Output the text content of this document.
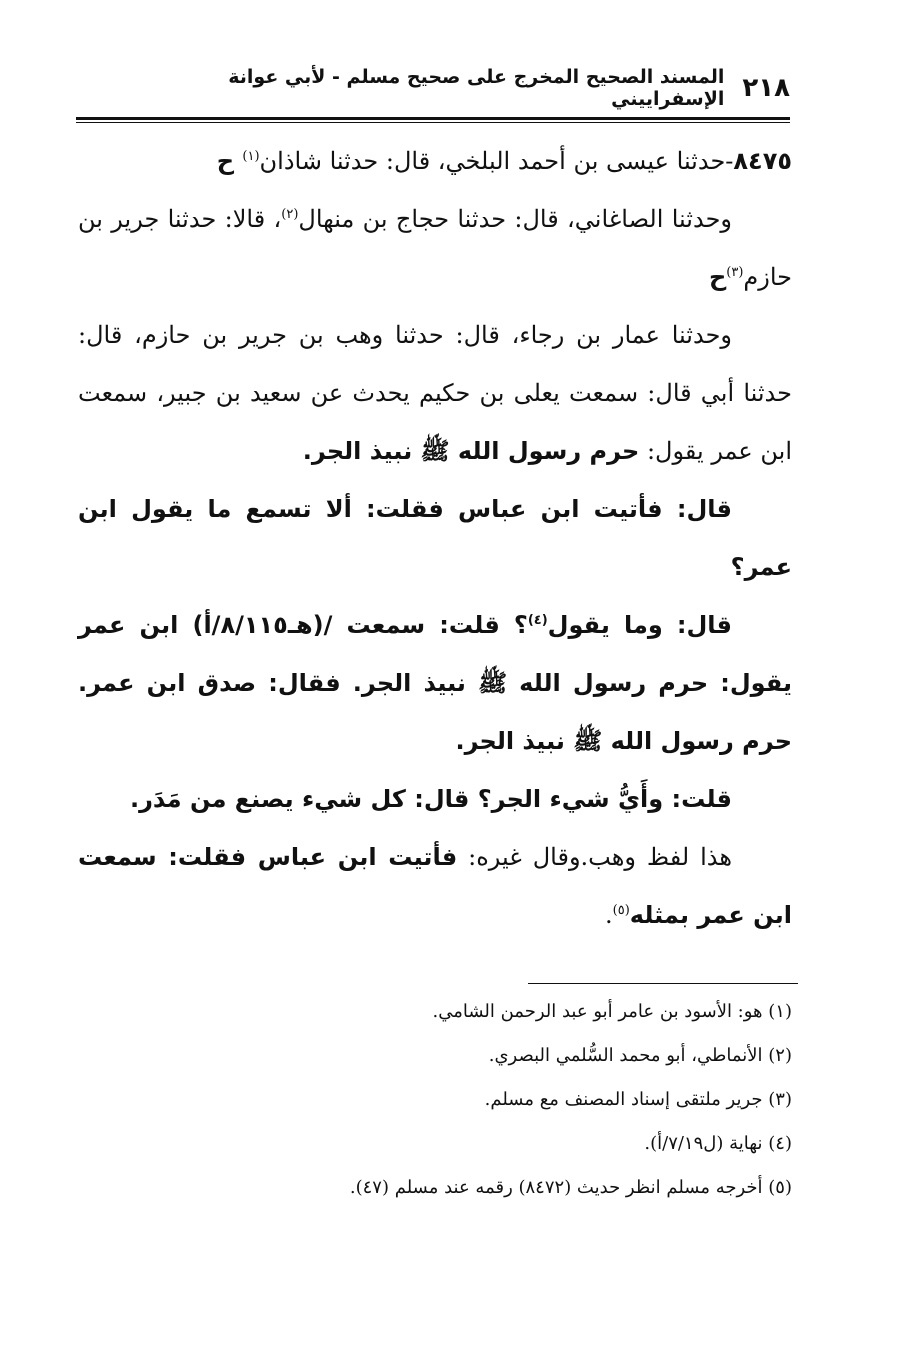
٢١٨
المسند الصحيح المخرج على صحيح مسلم - لأبي عوانة الإسفراييني

٨٤٧٥-حدثنا عيسى بن أحمد البلخي، قال: حدثنا شاذان$^{(١)}$ ح

وحدثنا الصاغاني، قال: حدثنا حجاج بن منهال$^{(٢)}$، قالا: حدثنا جرير بن حازم$^{(٣)}$ح

وحدثنا عمار بن رجاء، قال: حدثنا وهب بن جرير بن حازم، قال: حدثنا أبي قال: سمعت يعلى بن حكيم يحدث عن سعيد بن جبير، سمعت ابن عمر يقول: حرم رسول الله ﷺ نبيذ الجر.

قال: فأتيت ابن عباس فقلت: ألا تسمع ما يقول ابن عمر؟

قال: وما يقول$^{(٤)}$؟ قلت: سمعت /(هـ٨/١١٥/أ) ابن عمر يقول: حرم رسول الله ﷺ نبيذ الجر. فقال: صدق ابن عمر. حرم رسول الله ﷺ نبيذ الجر.

قلت: وأَيُّ شيء الجر؟ قال: كل شيء يصنع من مَدَر.

هذا لفظ وهب.وقال غيره: فأتيت ابن عباس فقلت: سمعت ابن عمر بمثله$^{(٥)}$.

(١) هو: الأسود بن عامر أبو عبد الرحمن الشامي.
(٢) الأنماطي، أبو محمد السُّلمي البصري.
(٣) جرير ملتقى إسناد المصنف مع مسلم.
(٤) نهاية (ل٧/١٩/أ).
(٥) أخرجه مسلم انظر حديث (٨٤٧٢) رقمه عند مسلم (٤٧).
